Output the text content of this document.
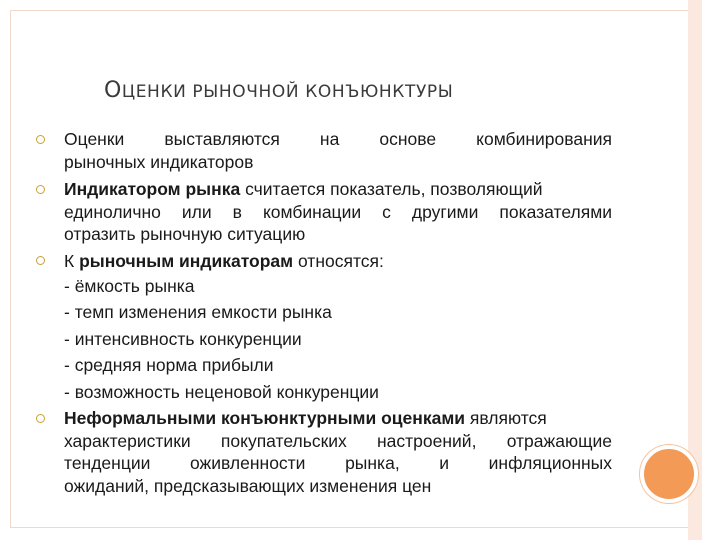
ОЦЕНКИ РЫНОЧНОЙ КОНЪЮНКТУРЫ
Оценки выставляются на основе комбинирования
рыночных индикаторов
Индикатором рынка считается показатель, позволяющий
единолично или в комбинации с другими показателями
отразить рыночную ситуацию
К рыночным индикаторам относятся:
- ёмкость рынка
- темп изменения емкости рынка
- интенсивность конкуренции
- средняя норма прибыли
- возможность неценовой конкуренции
Неформальными конъюнктурными оценками являются
характеристики покупательских настроений, отражающие
тенденции оживленности рынка, и инфляционных
ожиданий, предсказывающих изменения цен
